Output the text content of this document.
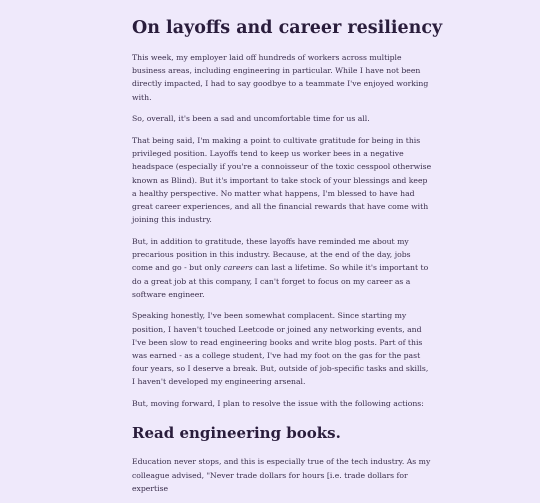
On layoffs and career resiliency

This week, my employer laid off hundreds of workers across multiple business areas, including engineering in particular. While I have not been directly impacted, I had to say goodbye to a teammate I've enjoyed working with.

So, overall, it's been a sad and uncomfortable time for us all.

That being said, I'm making a point to cultivate gratitude for being in this privileged position. Layoffs tend to keep us worker bees in a negative headspace (especially if you're a connoisseur of the toxic cesspool otherwise known as Blind). But it's important to take stock of your blessings and keep a healthy perspective. No matter what happens, I'm blessed to have had great career experiences, and all the financial rewards that have come with joining this industry.

But, in addition to gratitude, these layoffs have reminded me about my precarious position in this industry. Because, at the end of the day, jobs come and go - but only careers can last a lifetime. So while it's important to do a great job at this company, I can't forget to focus on my career as a software engineer.

Speaking honestly, I've been somewhat complacent. Since starting my position, I haven't touched Leetcode or joined any networking events, and I've been slow to read engineering books and write blog posts. Part of this was earned - as a college student, I've had my foot on the gas for the past four years, so I deserve a break. But, outside of job-specific tasks and skills, I haven't developed my engineering arsenal.

But, moving forward, I plan to resolve the issue with the following actions:

Read engineering books.

Education never stops, and this is especially true of the tech industry. As my colleague advised, "Never trade dollars for hours [i.e. trade dollars for expertise
